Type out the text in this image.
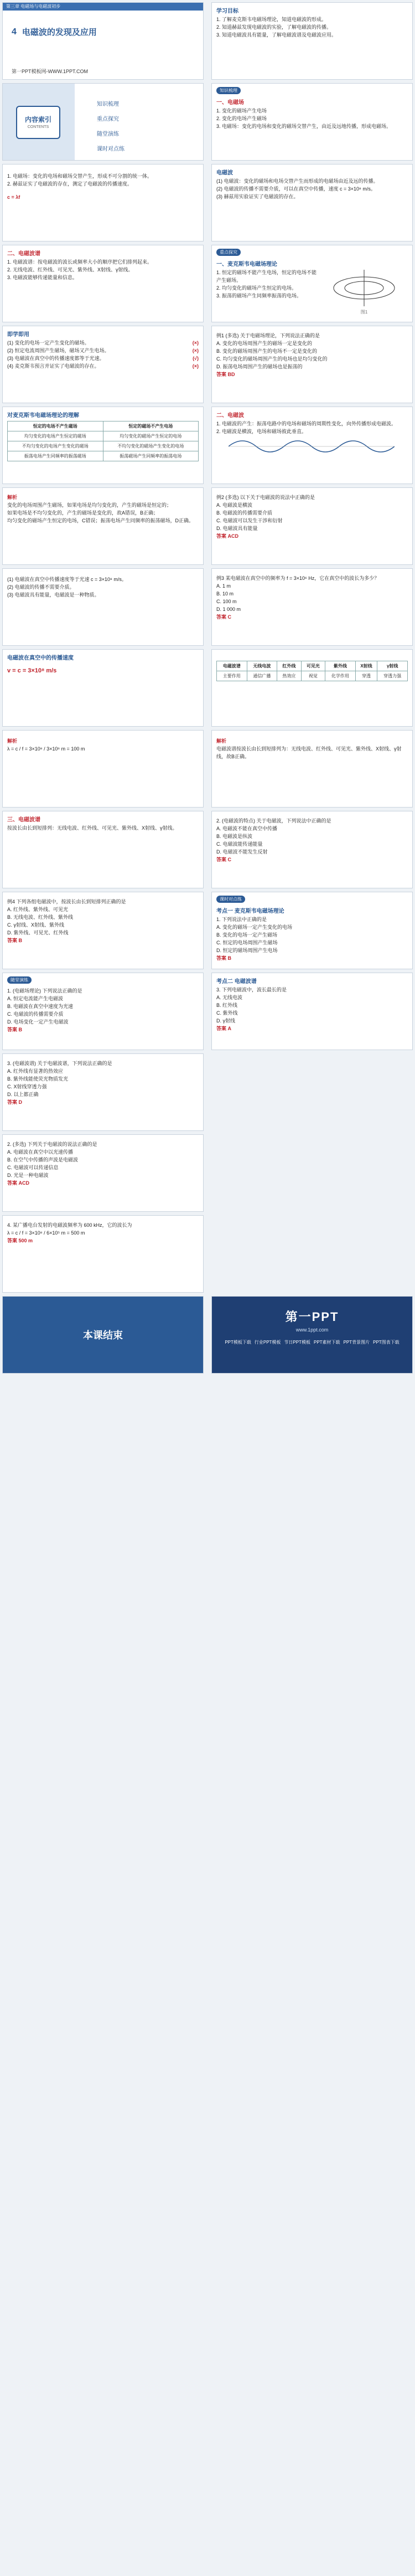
第三章 电磁场与电磁波初步
4 电磁波的发现及应用
第一PPT模板网-WWW.1PPT.COM
内容索引
CONTENTS
知识梳理
重点探究
随堂演练
课时对点练
1. 电磁场：变化的电场和磁场交替产生，形成不可分割的统一体。
2. 赫兹证实了电磁波的存在，测定了电磁波的传播速度。
c = λf
二、电磁波谱
1. 电磁波谱：按电磁波的波长或频率大小的顺序把它们排列起来。
2. 无线电波、红外线、可见光、紫外线、X射线、γ射线。
3. 电磁波能够传递能量和信息。
即学即用
(1) 变化的电场一定产生变化的磁场。	(×)
(2) 恒定电流周围产生磁场，磁场又产生电场。	(×)
(3) 电磁波在真空中的传播速度都等于光速。	(√)
(4) 麦克斯韦预言并证实了电磁波的存在。	(×)
对麦克斯韦电磁场理论的理解
恒定的电场不产生磁场	恒定的磁场不产生电场
均匀变化的电场产生恒定的磁场	均匀变化的磁场产生恒定的电场
不均匀变化的电场产生变化的磁场	不均匀变化的磁场产生变化的电场
振荡电场产生同频率的振荡磁场	振荡磁场产生同频率的振荡电场
解析
变化的电场周围产生磁场，如果电场是均匀变化的，产生的磁场是恒定的；
如果电场是不均匀变化的，产生的磁场是变化的，故A错误，B正确；
均匀变化的磁场产生恒定的电场，C错误；振荡电场产生同频率的振荡磁场，D正确。
(1) 电磁波在真空中传播速度等于光速 c = 3×10⁸ m/s。
(2) 电磁波的传播不需要介质。
(3) 电磁波具有能量，电磁波是一种物质。
电磁波在真空中的传播速度
v = c = 3×10⁸ m/s
解析
λ = c / f = 3×10⁸ / 3×10⁶ m = 100 m
三、电磁波谱
按波长由长到短排列：无线电波、红外线、可见光、紫外线、X射线、γ射线。
例4 下列各组电磁波中，按波长由长到短排列正确的是
A. 红外线、紫外线、可见光
B. 无线电波、红外线、紫外线
C. γ射线、X射线、紫外线
D. 紫外线、可见光、红外线
答案 B
随堂演练
1. (电磁场理论) 下列说法正确的是
A. 恒定电流能产生电磁波
B. 电磁波在真空中速度为光速
C. 电磁波的传播需要介质
D. 电场变化一定产生电磁波
答案 B
3. (电磁波谱) 关于电磁波谱，下列说法正确的是
A. 红外线有显著的热效应
B. 紫外线能使荧光物质发光
C. X射线穿透力强
D. 以上都正确
答案 D
2. (多选) 下列关于电磁波的说法正确的是
A. 电磁波在真空中以光速传播
B. 在空气中传播的声波是电磁波
C. 电磁波可以传递信息
D. 光是一种电磁波
答案 ACD
4. 某广播电台发射的电磁波频率为 600 kHz，它的波长为
λ = c / f = 3×10⁸ / 6×10⁵ m = 500 m
答案 500 m
本课结束
学习目标
1. 了解麦克斯韦电磁场理论，知道电磁波的形成。
2. 知道赫兹发现电磁波的实验，了解电磁波的传播。
3. 知道电磁波具有能量，了解电磁波谱及电磁波应用。
知识梳理
一、电磁场
1. 变化的磁场产生电场
2. 变化的电场产生磁场
3. 电磁场：变化的电场和变化的磁场交替产生，由近及远地传播，形成电磁场。
电磁波
(1) 电磁波：变化的磁场和电场交替产生而形成的电磁场由近及远的传播。
(2) 电磁波的传播不需要介质，可以在真空中传播，速度 c = 3×10⁸ m/s。
(3) 赫兹用实验证实了电磁波的存在。
重点探究
一、麦克斯韦电磁场理论
1. 恒定的磁场不能产生电场，恒定的电场不能产生磁场。
2. 均匀变化的磁场产生恒定的电场。
3. 振荡的磁场产生同频率振荡的电场。
图1
例1 (多选) 关于电磁场理论，下列说法正确的是
A. 变化的电场周围产生的磁场一定是变化的
B. 变化的磁场周围产生的电场不一定是变化的
C. 均匀变化的磁场周围产生的电场也是均匀变化的
D. 振荡电场周围产生的磁场也是振荡的
答案 BD
二、电磁波
1. 电磁波的产生：振荡电路中的电场和磁场的周期性变化，向外传播形成电磁波。
2. 电磁波是横波，电场和磁场彼此垂直。
例2 (多选) 以下关于电磁波的说法中正确的是
A. 电磁波是横波
B. 电磁波的传播需要介质
C. 电磁波可以发生干涉和衍射
D. 电磁波具有能量
答案 ACD
例3 某电磁波在真空中的频率为 f = 3×10⁶ Hz，它在真空中的波长为多少？
A. 1 m
B. 10 m
C. 100 m
D. 1 000 m
答案 C
电磁波谱	无线电波	红外线	可见光	紫外线	X射线	γ射线
主要作用	通信广播	热效应	视觉	化学作用	穿透	穿透力强
解析
电磁波谱按波长由长到短排列为：无线电波、红外线、可见光、紫外线、X射线、γ射线，故B正确。
2. (电磁波的特点) 关于电磁波，下列说法中正确的是
A. 电磁波不能在真空中传播
B. 电磁波是纵波
C. 电磁波能传递能量
D. 电磁波不能发生反射
答案 C
课时对点练
考点一 麦克斯韦电磁场理论
1. 下列说法中正确的是
A. 变化的磁场一定产生变化的电场
B. 变化的电场一定产生磁场
C. 恒定的电场周围产生磁场
D. 恒定的磁场周围产生电场
答案 B
考点二 电磁波谱
3. 下列电磁波中，波长最长的是
A. 无线电波
B. 红外线
C. 紫外线
D. γ射线
答案 A
第一PPT
www.1ppt.com
PPT模板下载 行业PPT模板 节日PPT模板 PPT素材下载 PPT背景图片 PPT图表下载
